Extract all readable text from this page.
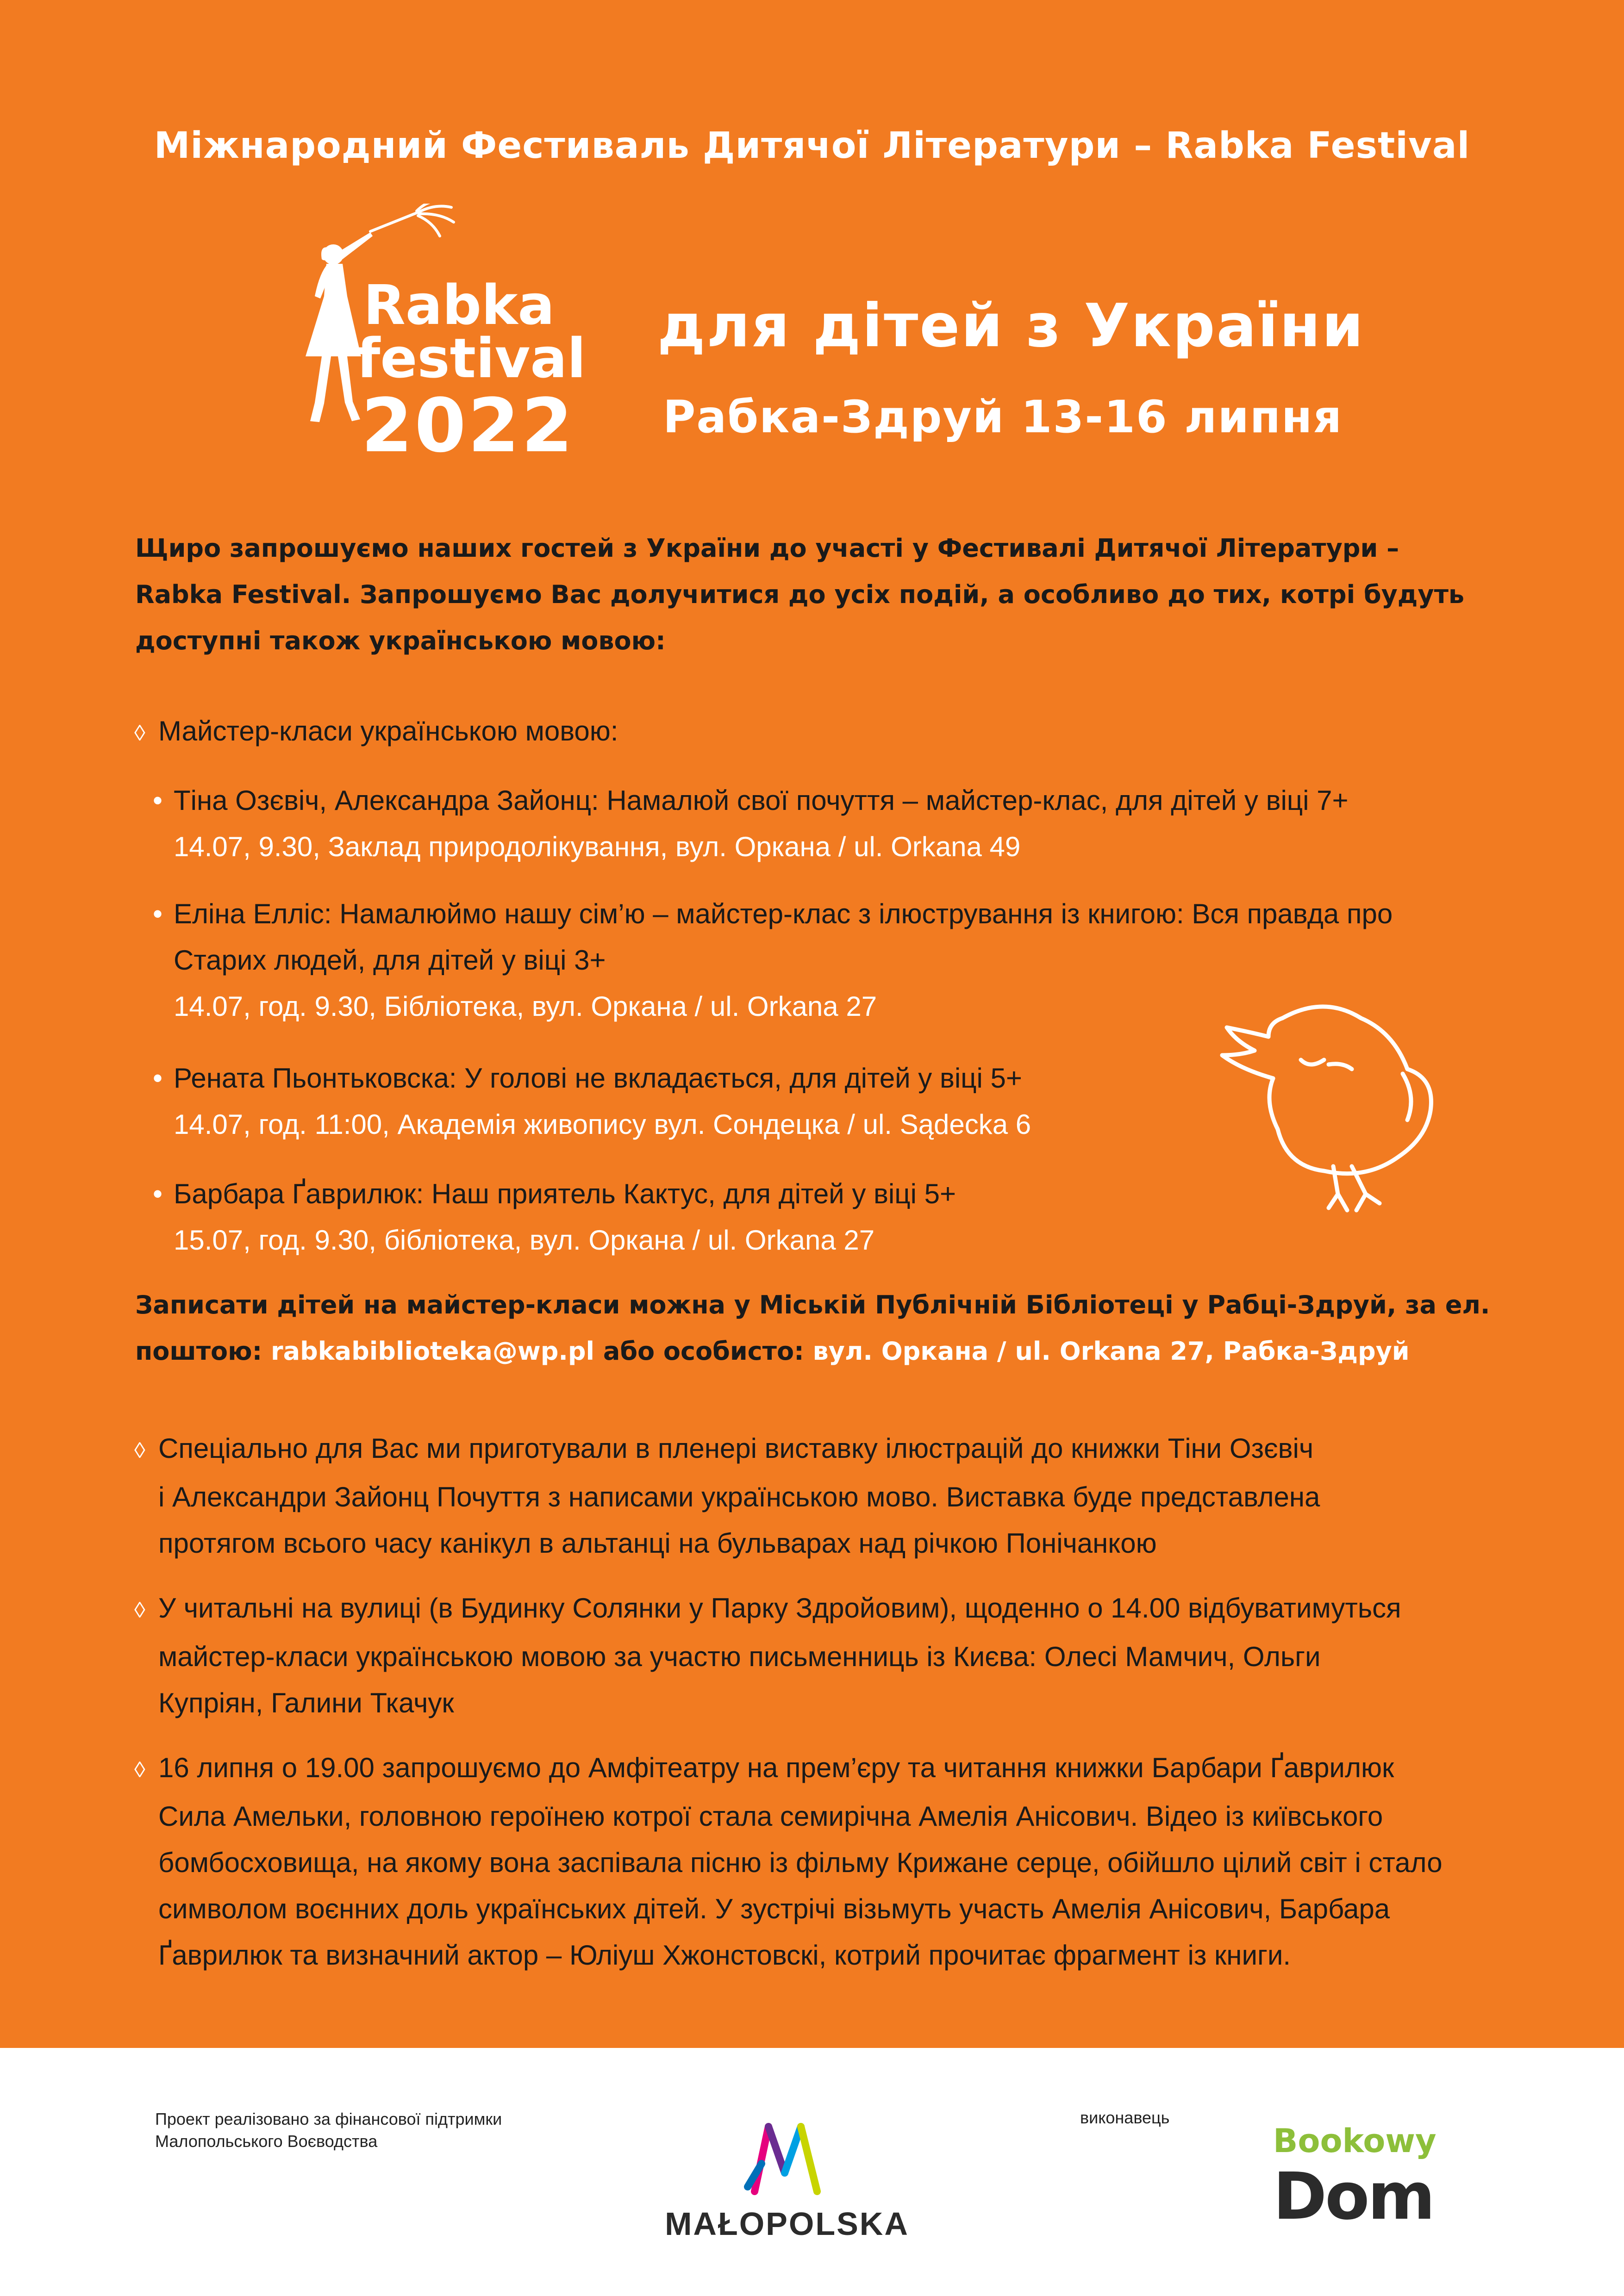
Міжнародний Фестиваль Дитячої Літератури – Rabka Festival
Rabka
festival
2022
для дітей з України
Рабка-Здруй 13-16 липня
Щиро запрошуємо наших гостей з України до участі у Фестивалі Дитячої Літератури – Rabka Festival. Запрошуємо Вас долучитися до усіх подій, а особливо до тих, котрі будуть доступні також українською мовою:
◊ Майстер-класи українською мовою:
• Тіна Озєвіч, Александра Зайонц: Намалюй свої почуття – майстер-клас, для дітей у віці 7+
14.07, 9.30, Заклад природолікування, вул. Оркана / ul. Orkana 49
• Еліна Елліс: Намалюймо нашу сім’ю – майстер-клас з ілюстрування із книгою: Вся правда про
Старих людей, для дітей у віці 3+
14.07, год. 9.30, Бібліотека, вул. Оркана / ul. Orkana 27
• Рената Пьонтьковска: У голові не вкладається, для дітей у віці 5+
14.07, год. 11:00, Академія живопису вул. Сондецка / ul. Sądecka 6
• Барбара Ґаврилюк: Наш приятель Кактус, для дітей у віці 5+
15.07, год. 9.30, бібліотека, вул. Оркана / ul. Orkana 27
Записати дітей на майстер-класи можна у Міській Публічній Бібліотеці у Рабці-Здруй, за ел.
поштою: rabkabiblioteka@wp.pl або особисто: вул. Оркана / ul. Orkana 27, Рабка-Здруй
◊ Спеціально для Вас ми приготували в пленері виставку ілюстрацій до книжки Тіни Озєвіч
і Александри Зайонц Почуття з написами українською мово. Виставка буде представлена
протягом всього часу канікул в альтанці на бульварах над річкою Понічанкою
◊ У читальні на вулиці (в Будинку Солянки у Парку Здройовим), щоденно о 14.00 відбуватимуться
майстер-класи українською мовою за участю письменниць із Києва: Олесі Мамчич, Ольги
Купріян, Галини Ткачук
◊ 16 липня о 19.00 запрошуємо до Амфітеатру на прем’єру та читання книжки Барбари Ґаврилюк
Сила Амельки, головною героїнею котрої стала семирічна Амелія Анісович. Відео із київського
бомбосховища, на якому вона заспівала пісню із фільму Крижане серце, обійшло цілий світ і стало
символом воєнних доль українських дітей. У зустрічі візьмуть участь Амелія Анісович, Барбара
Ґаврилюк та визначний актор – Юліуш Хжонстовскі, котрий прочитає фрагмент із книги.
Проект реалізовано за фінансової підтримки
Малопольського Воєводства
MAŁOPOLSKA
виконавець
Bookowy
Dom
